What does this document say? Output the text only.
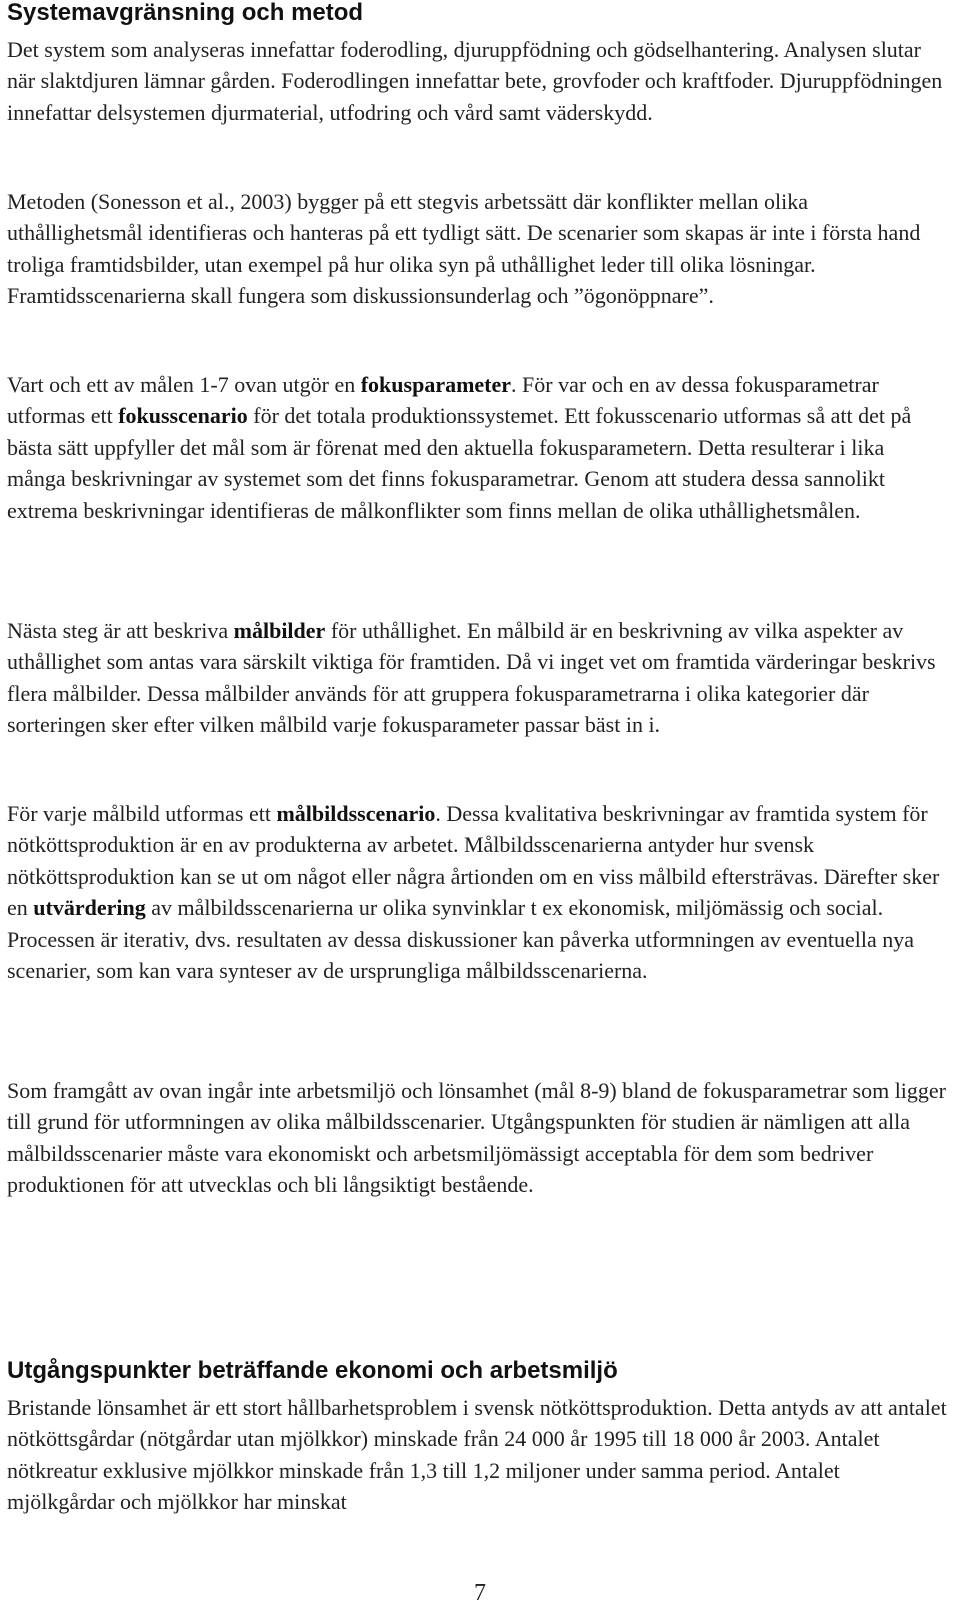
Systemavgränsning och metod

Det system som analyseras innefattar foderodling, djuruppfödning och gödselhantering. Analysen slutar när slaktdjuren lämnar gården. Foderodlingen innefattar bete, grovfoder och kraftfoder. Djuruppfödningen innefattar delsystemen djurmaterial, utfodring och vård samt väderskydd.

Metoden (Sonesson et al., 2003) bygger på ett stegvis arbetssätt där konflikter mellan olika uthållighetsmål identifieras och hanteras på ett tydligt sätt. De scenarier som skapas är inte i första hand troliga framtidsbilder, utan exempel på hur olika syn på uthållighet leder till olika lösningar. Framtidsscenarierna skall fungera som diskussionsunderlag och ”ögonöppnare”.

Vart och ett av målen 1-7 ovan utgör en fokusparameter. För var och en av dessa fokusparametrar utformas ett fokusscenario för det totala produktionssystemet. Ett fokusscenario utformas så att det på bästa sätt uppfyller det mål som är förenat med den aktuella fokusparametern. Detta resulterar i lika många beskrivningar av systemet som det finns fokusparametrar. Genom att studera dessa sannolikt extrema beskrivningar identifieras de målkonflikter som finns mellan de olika uthållighetsmålen.

Nästa steg är att beskriva målbilder för uthållighet. En målbild är en beskrivning av vilka aspekter av uthållighet som antas vara särskilt viktiga för framtiden. Då vi inget vet om framtida värderingar beskrivs flera målbilder. Dessa målbilder används för att gruppera fokusparametrarna i olika kategorier där sorteringen sker efter vilken målbild varje fokusparameter passar bäst in i.

För varje målbild utformas ett målbildsscenario. Dessa kvalitativa beskrivningar av framtida system för nötköttsproduktion är en av produkterna av arbetet. Målbildsscenarierna antyder hur svensk nötköttsproduktion kan se ut om något eller några årtionden om en viss målbild eftersträvas. Därefter sker en utvärdering av målbildsscenarierna ur olika synvinklar t ex ekonomisk, miljömässig och social. Processen är iterativ, dvs. resultaten av dessa diskussioner kan påverka utformningen av eventuella nya scenarier, som kan vara synteser av de ursprungliga målbildsscenarierna.

Som framgått av ovan ingår inte arbetsmiljö och lönsamhet (mål 8-9) bland de fokusparametrar som ligger till grund för utformningen av olika målbildsscenarier. Utgångspunkten för studien är nämligen att alla målbildsscenarier måste vara ekonomiskt och arbetsmiljömässigt acceptabla för dem som bedriver produktionen för att utvecklas och bli långsiktigt bestående.

Utgångspunkter beträffande ekonomi och arbetsmiljö

Bristande lönsamhet är ett stort hållbarhetsproblem i svensk nötköttsproduktion. Detta antyds av att antalet nötköttsgårdar (nötgårdar utan mjölkkor) minskade från 24 000 år 1995 till 18 000 år 2003. Antalet nötkreatur exklusive mjölkkor minskade från 1,3 till 1,2 miljoner under samma period. Antalet mjölkgårdar och mjölkkor har minskat

7
